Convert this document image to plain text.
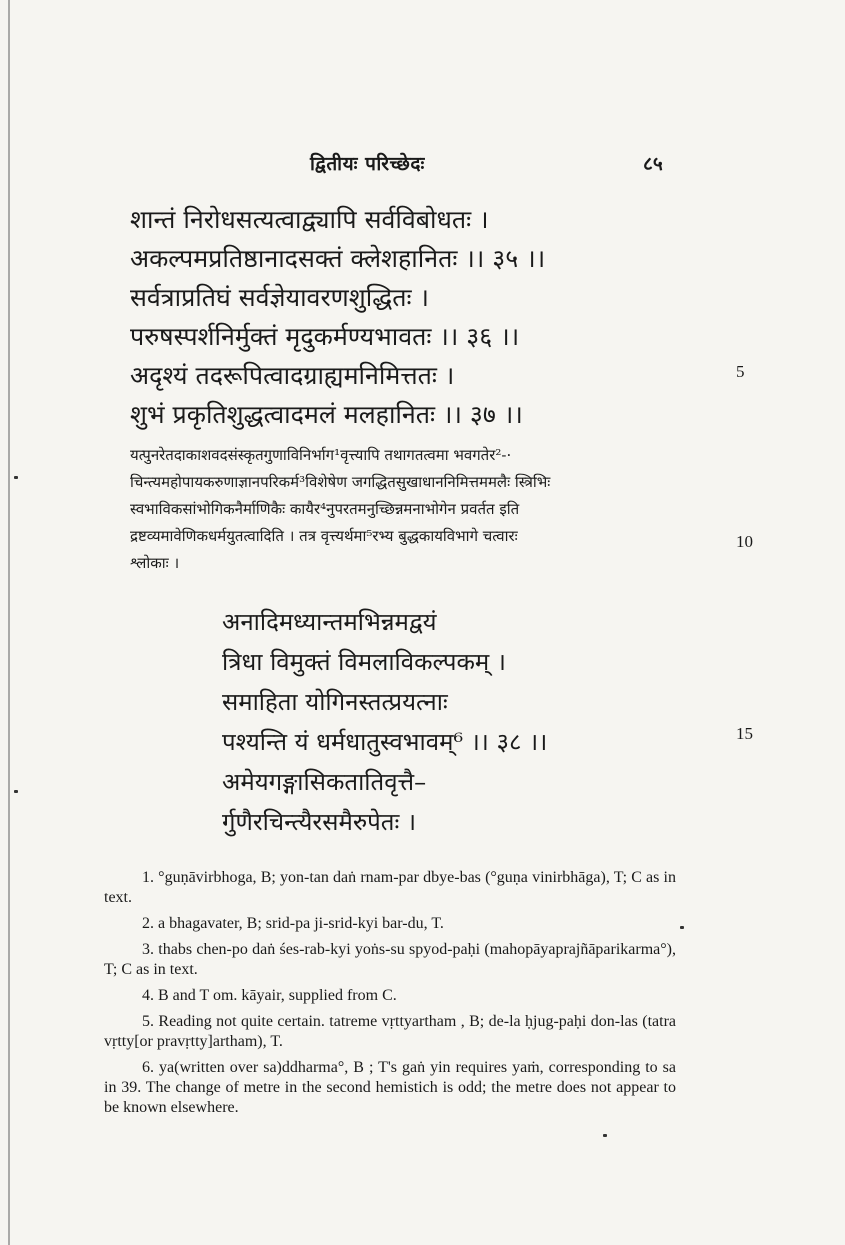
द्वितीयः परिच्छेदः	८५
शान्तं निरोधसत्यत्वाद्व्यापि सर्वविबोधतः ।
अकल्पमप्रतिष्ठानादसक्तं क्लेशहानितः ।। ३५ ।।
सर्वत्राप्रतिघं सर्वज्ञेयावरणशुद्धितः ।
परुषस्पर्शनिर्मुक्तं मृदुकर्मण्यभावतः ।। ३६ ।।
अदृश्यं तदरूपित्वादग्राह्यमनिमित्ततः ।
शुभं प्रकृतिशुद्धत्वादमलं मलहानितः ।। ३७ ।।
5
यत्पुनरेतदाकाशवदसंस्कृतगुणाविनिर्भाग¹वृत्त्यापि तथागतत्वमा भवगतेर²-·
चिन्त्यमहोपायकरुणाज्ञानपरिकर्म³विशेषेण जगद्धितसुखाधाननिमित्तममलैः स्त्रिभिः
स्वभाविकसांभोगिकनैर्माणिकैः कायैर⁴नुपरतमनुच्छिन्नमनाभोगेन प्रवर्तत इति
द्रष्टव्यमावेणिकधर्मयुतत्वादिति । तत्र वृत्त्यर्थमा⁵रभ्य बुद्धकायविभागे चत्वारः
श्लोकाः ।
10
अनादिमध्यान्तमभिन्नमद्वयं
त्रिधा विमुक्तं विमलाविकल्पकम् ।
समाहिता योगिनस्तत्प्रयत्नाः
पश्यन्ति यं धर्मधातुस्वभावम्⁶ ।। ३८ ।।
अमेयगङ्गासिकतातिवृत्तै–
र्गुणैरचिन्त्यैरसमैरुपेतः ।
15

1. °guṇāvirbhoga, B; yon-tan daṅ rnam-par dbye-bas (°guṇa vinirbhāga), T; C as in text.

2. a bhagavater, B; srid-pa ji-srid-kyi bar-du, T.

3. thabs chen-po daṅ śes-rab-kyi yoṅs-su spyod-paḥi (mahopāyaprajñāparikarma°), T; C as in text.

4. B and T om. kāyair, supplied from C.

5. Reading not quite certain. tatreme vṛttyartham , B; de-la ḥjug-paḥi don-las (tatra vṛtty[or pravṛtty]artham), T.

6. ya(written over sa)ddharma°, B ; T's gaṅ yin requires yaṁ, corresponding to sa in 39. The change of metre in the second hemistich is odd; the metre does not appear to be known elsewhere.
